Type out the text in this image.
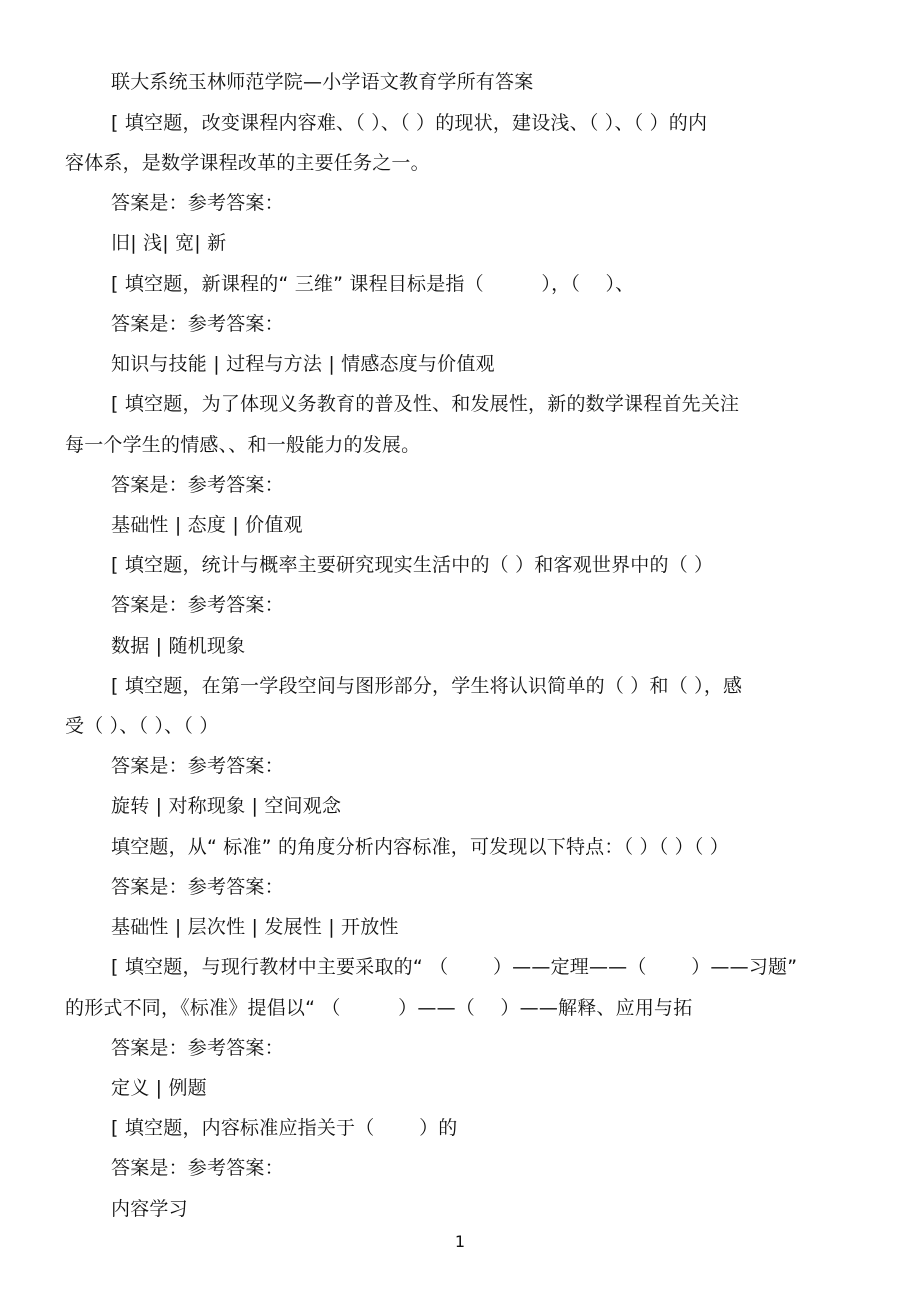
联大系统玉林师范学院—小学语文教育学所有答案
[ 填空题，改变课程内容难、（ ）、（ ）的现状，建设浅、（ ）、（ ）的内
容体系，是数学课程改革的主要任务之一。
答案是：参考答案：
旧| 浅| 宽| 新
[ 填空题，新课程的“ 三维” 课程目标是指（　　　），（　 ）、
答案是：参考答案：
知识与技能 | 过程与方法 | 情感态度与价值观
[ 填空题，为了体现义务教育的普及性、和发展性，新的数学课程首先关注
每一个学生的情感、、和一般能力的发展。
答案是：参考答案：
基础性 | 态度 | 价值观
[ 填空题，统计与概率主要研究现实生活中的（ ）和客观世界中的（ ）
答案是：参考答案：
数据 | 随机现象
[ 填空题，在第一学段空间与图形部分，学生将认识简单的（ ）和（ ），感
受（ ）、（ ）、（ ）
答案是：参考答案：
旋转 | 对称现象 | 空间观念
填空题，从“ 标准” 的角度分析内容标准，可发现以下特点：（ ）（ ）（ ）
答案是：参考答案：
基础性 | 层次性 | 发展性 | 开放性
[ 填空题，与现行教材中主要采取的“ （　　 ）——定理——（　　 ）——习题”
的形式不同，《标准》提倡以“ （　　　）——（　 ）——解释、应用与拓
答案是：参考答案：
定义 | 例题
[ 填空题，内容标准应指关于（　　 ）的
答案是：参考答案：
内容学习
1
